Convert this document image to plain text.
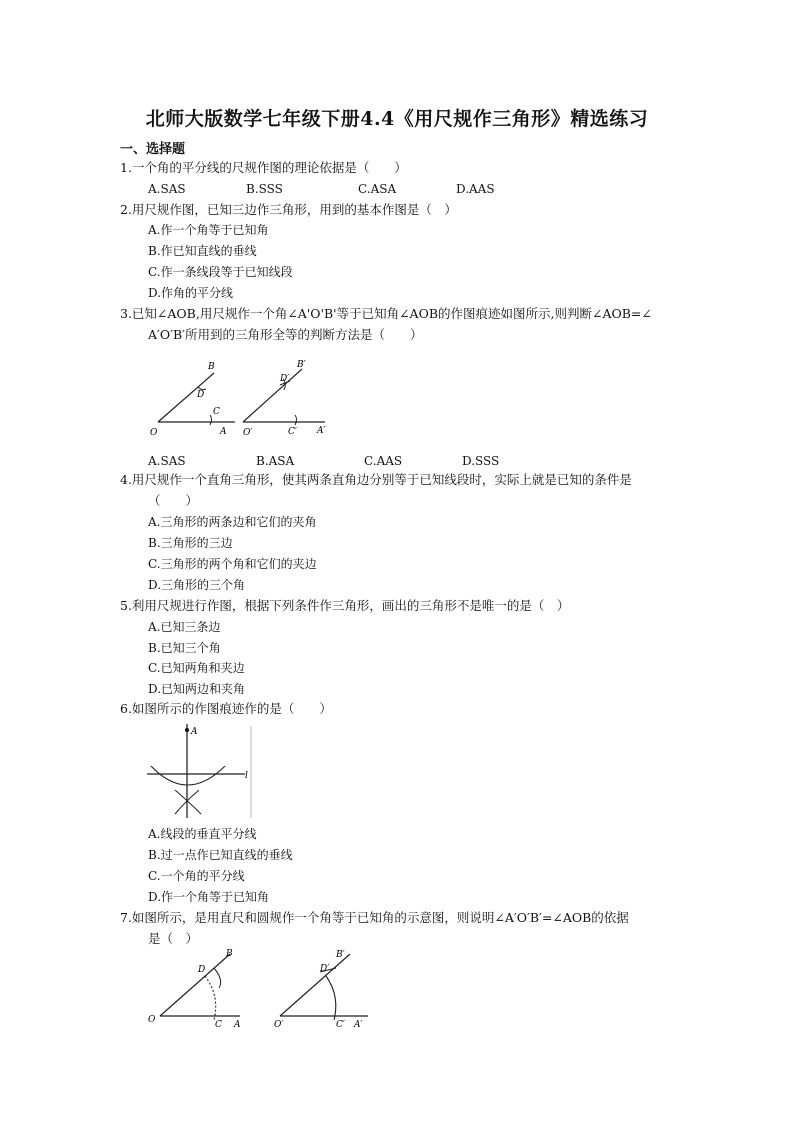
北师大版数学七年级下册4.4《用尺规作三角形》精选练习
一、选择题
1.一个角的平分线的尺规作图的理论依据是（　　）
A.SAS	B.SSS	C.ASA	D.AAS
2.用尺规作图，已知三边作三角形，用到的基本作图是（　）
A.作一个角等于已知角
B.作已知直线的垂线
C.作一条线段等于已知线段
D.作角的平分线
3.已知∠AOB,用尺规作一个角∠A'O'B'等于已知角∠AOB的作图痕迹如图所示,则判断∠AOB=∠
A′O′B′所用到的三角形全等的判断方法是（　　）
B
D
C
O	A
B′
D′
O′	C′ A′
A.SAS	B.ASA	C.AAS	D.SSS
4.用尺规作一个直角三角形，使其两条直角边分别等于已知线段时，实际上就是已知的条件是
（　　）
A.三角形的两条边和它们的夹角
B.三角形的三边
C.三角形的两个角和它们的夹边
D.三角形的三个角
5.利用尺规进行作图，根据下列条件作三角形，画出的三角形不是唯一的是（　）
A.已知三条边
B.已知三个角
C.已知两角和夹边
D.已知两边和夹角
6.如图所示的作图痕迹作的是（　　）
A
l
A.线段的垂直平分线
B.过一点作已知直线的垂线
C.一个角的平分线
D.作一个角等于已知角
7.如图所示，是用直尺和圆规作一个角等于已知角的示意图，则说明∠A′O′B′=∠AOB的依据
是（　）
B
D
O	C A
B′
D′
O′	C′ A′
